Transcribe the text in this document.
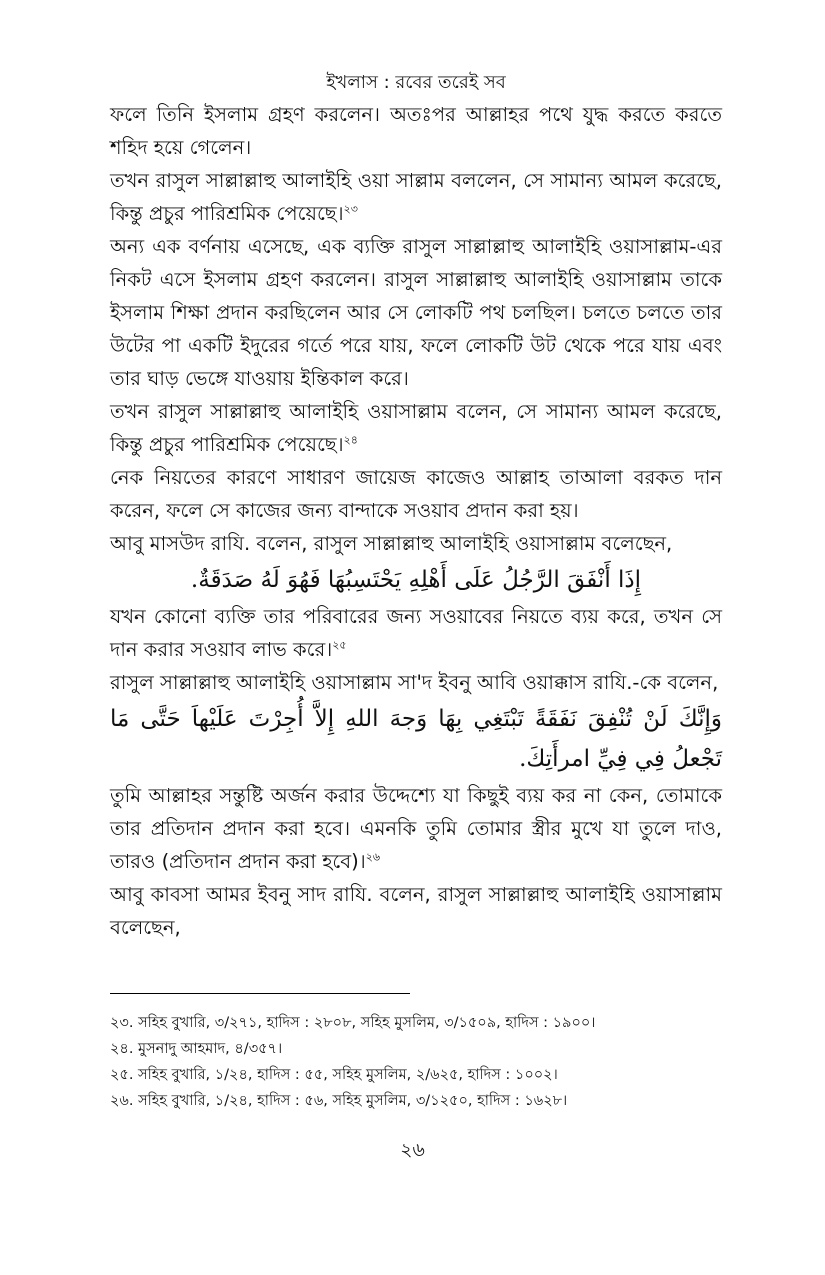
ইখলাস : রবের তরেই সব

ফলে তিনি ইসলাম গ্রহণ করলেন। অতঃপর আল্লাহর পথে যুদ্ধ করতে করতে শহিদ হয়ে গেলেন।

তখন রাসুল সাল্লাল্লাহু আলাইহি ওয়া সাল্লাম বললেন, সে সামান্য আমল করেছে, কিন্তু প্রচুর পারিশ্রমিক পেয়েছে।$^{২৩}$

অন্য এক বর্ণনায় এসেছে, এক ব্যক্তি রাসুল সাল্লাল্লাহু আলাইহি ওয়াসাল্লাম-এর নিকট এসে ইসলাম গ্রহণ করলেন। রাসুল সাল্লাল্লাহু আলাইহি ওয়াসাল্লাম তাকে ইসলাম শিক্ষা প্রদান করছিলেন আর সে লোকটি পথ চলছিল। চলতে চলতে তার উটের পা একটি ইদুরের গর্তে পরে যায়, ফলে লোকটি উট থেকে পরে যায় এবং তার ঘাড় ভেঙ্গে যাওয়ায় ইন্তিকাল করে।

তখন রাসুল সাল্লাল্লাহু আলাইহি ওয়াসাল্লাম বলেন, সে সামান্য আমল করেছে, কিন্তু প্রচুর পারিশ্রমিক পেয়েছে।$^{২৪}$

নেক নিয়তের কারণে সাধারণ জায়েজ কাজেও আল্লাহ তাআলা বরকত দান করেন, ফলে সে কাজের জন্য বান্দাকে সওয়াব প্রদান করা হয়।

আবু মাসউদ রাযি. বলেন, রাসুল সাল্লাল্লাহু আলাইহি ওয়াসাল্লাম বলেছেন,

إِذَا أَنْفَقَ الرَّجُلُ عَلَى أَهْلِهِ يَحْتَسِبُهَا فَهُوَ لَهُ صَدَقَةٌ.

যখন কোনো ব্যক্তি তার পরিবারের জন্য সওয়াবের নিয়তে ব্যয় করে, তখন সে দান করার সওয়াব লাভ করে।$^{২৫}$

রাসুল সাল্লাল্লাহু আলাইহি ওয়াসাল্লাম সা'দ ইবনু আবি ওয়াক্কাস রাযি.-কে বলেন,

وَإِنَّكَ لَنْ تُنْفِقَ نَفَقَةً تَبْتَغِي بِهَا وَجهَ اللهِ إِلاَّ أُجِرْتَ عَلَيْهاَ حَتَّى مَا تَجْعلُ فِي فِيِّ امرأَتِكَ.

তুমি আল্লাহর সন্তুষ্টি অর্জন করার উদ্দেশ্যে যা কিছুই ব্যয় কর না কেন, তোমাকে তার প্রতিদান প্রদান করা হবে। এমনকি তুমি তোমার স্ত্রীর মুখে যা তুলে দাও, তারও (প্রতিদান প্রদান করা হবে)।$^{২৬}$

আবু কাবসা আমর ইবনু সাদ রাযি. বলেন, রাসুল সাল্লাল্লাহু আলাইহি ওয়াসাল্লাম বলেছেন,

২৩. সহিহ বুখারি, ৩/২৭১, হাদিস : ২৮০৮, সহিহ মুসলিম, ৩/১৫০৯, হাদিস : ১৯০০।

২৪. মুসনাদু আহমাদ, ৪/৩৫৭।

২৫. সহিহ বুখারি, ১/২৪, হাদিস : ৫৫, সহিহ মুসলিম, ২/৬২৫, হাদিস : ১০০২।

২৬. সহিহ বুখারি, ১/২৪, হাদিস : ৫৬, সহিহ মুসলিম, ৩/১২৫০, হাদিস : ১৬২৮।

২৬
